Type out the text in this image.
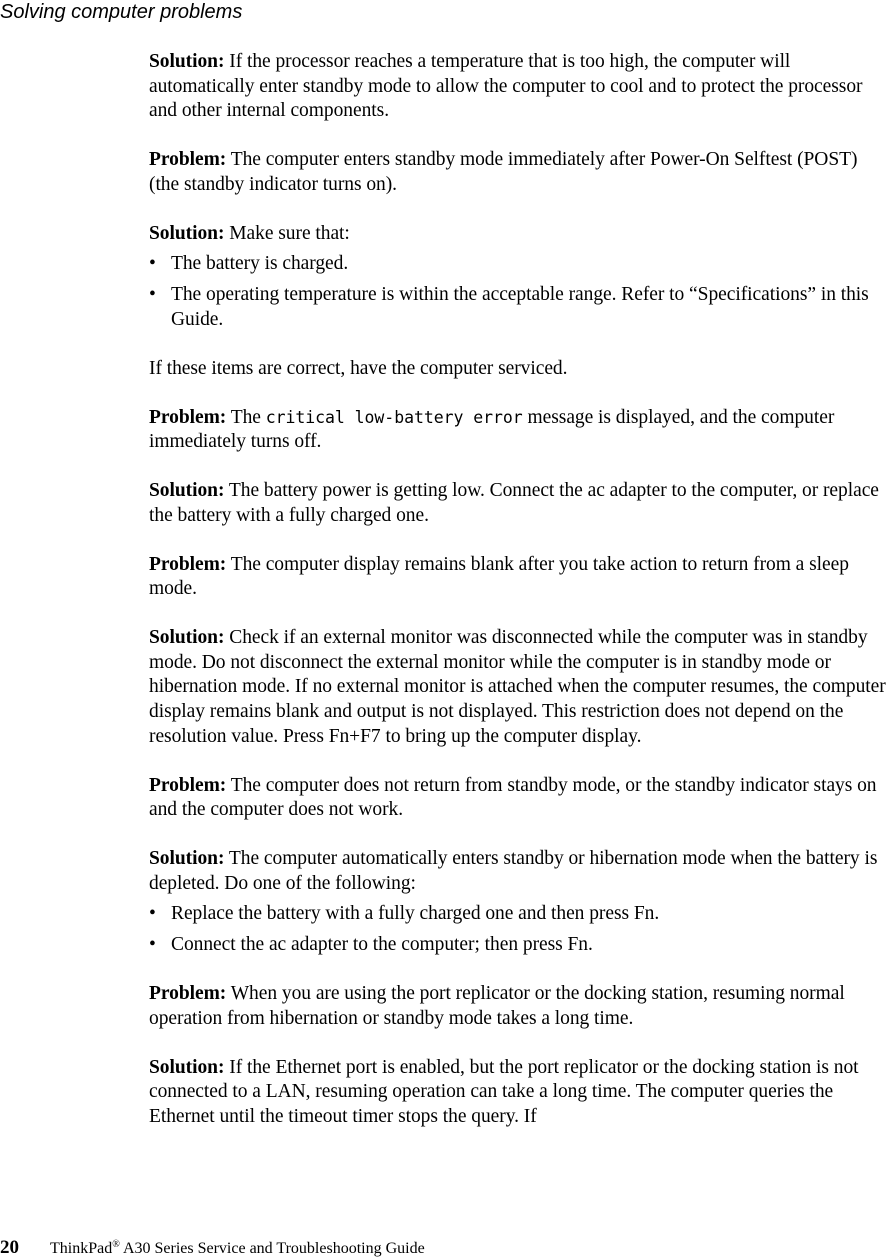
Solving computer problems

Solution: If the processor reaches a temperature that is too high, the computer will automatically enter standby mode to allow the computer to cool and to protect the processor and other internal components.

Problem: The computer enters standby mode immediately after Power-On Selftest (POST) (the standby indicator turns on).

Solution: Make sure that:

• The battery is charged.
• The operating temperature is within the acceptable range. Refer to “Specifications” in this Guide.

If these items are correct, have the computer serviced.

Problem: The critical low-battery error message is displayed, and the computer immediately turns off.

Solution: The battery power is getting low. Connect the ac adapter to the computer, or replace the battery with a fully charged one.

Problem: The computer display remains blank after you take action to return from a sleep mode.

Solution: Check if an external monitor was disconnected while the computer was in standby mode. Do not disconnect the external monitor while the computer is in standby mode or hibernation mode. If no external monitor is attached when the computer resumes, the computer display remains blank and output is not displayed. This restriction does not depend on the resolution value. Press Fn+F7 to bring up the computer display.

Problem: The computer does not return from standby mode, or the standby indicator stays on and the computer does not work.

Solution: The computer automatically enters standby or hibernation mode when the battery is depleted. Do one of the following:

• Replace the battery with a fully charged one and then press Fn.
• Connect the ac adapter to the computer; then press Fn.

Problem: When you are using the port replicator or the docking station, resuming normal operation from hibernation or standby mode takes a long time.

Solution: If the Ethernet port is enabled, but the port replicator or the docking station is not connected to a LAN, resuming operation can take a long time. The computer queries the Ethernet until the timeout timer stops the query. If

20 ThinkPad® A30 Series Service and Troubleshooting Guide
